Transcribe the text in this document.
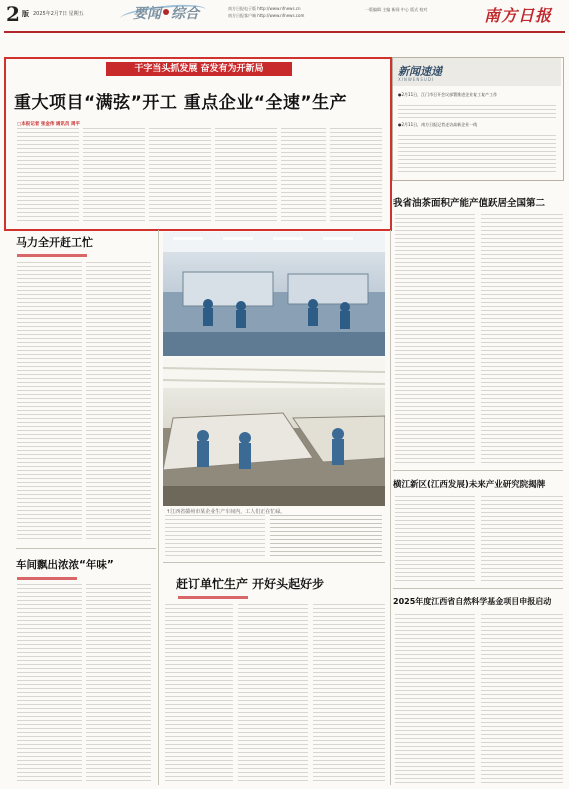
2 版 2025年2月7日 星期五	要闻 综合	南方日报电子版 http://www.nfnews.cn
南方日报客户端 http://www.nfnews.com
一版编辑 主编 新闻 中心 版式 校对	南方日报
干字当头抓发展 奋发有为开新局
重大项目“满弦”开工 重点企业“全速”生产
□本报记者 张金伟 通讯员 周平
新闻速递
XINWENSUDI
●2月11日，江门市召开会议部署推进企业复工复产工作
●2月11日，南方日报记者走访高新企业一线
我省油茶面积产能产值跃居全国第二
横江新区(江西发展)未来产业研究院揭牌
2025年度江西省自然科学基金项目申报启动
马力全开赶工忙
车间飘出浓浓“年味”
↑江西省赣州市某企业生产车间内，工人们正在忙碌。
赶订单忙生产 开好头起好步
